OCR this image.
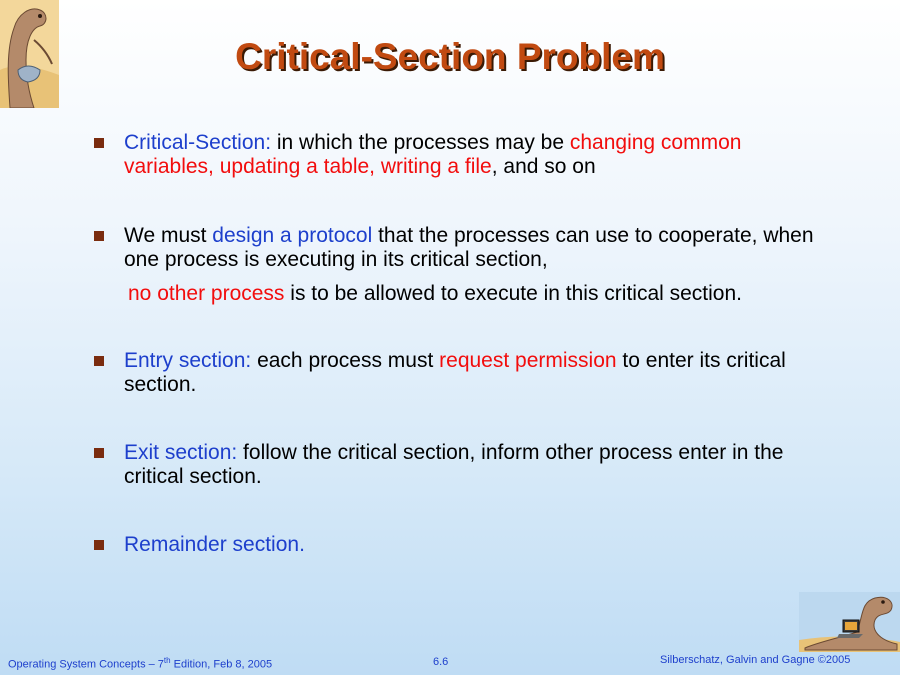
Critical-Section Problem
Critical-Section: in which the processes may be changing common variables, updating a table, writing a file, and so on
We must design a protocol that the processes can use to cooperate, when one process is executing in its critical section,
no other process is to be allowed to execute in this critical section.
Entry section: each process must request permission to enter its critical section.
Exit section: follow the critical section, inform other process enter in the critical section.
Remainder section.
Operating System Concepts – 7th Edition, Feb 8, 2005	6.6	Silberschatz, Galvin and Gagne ©2005
